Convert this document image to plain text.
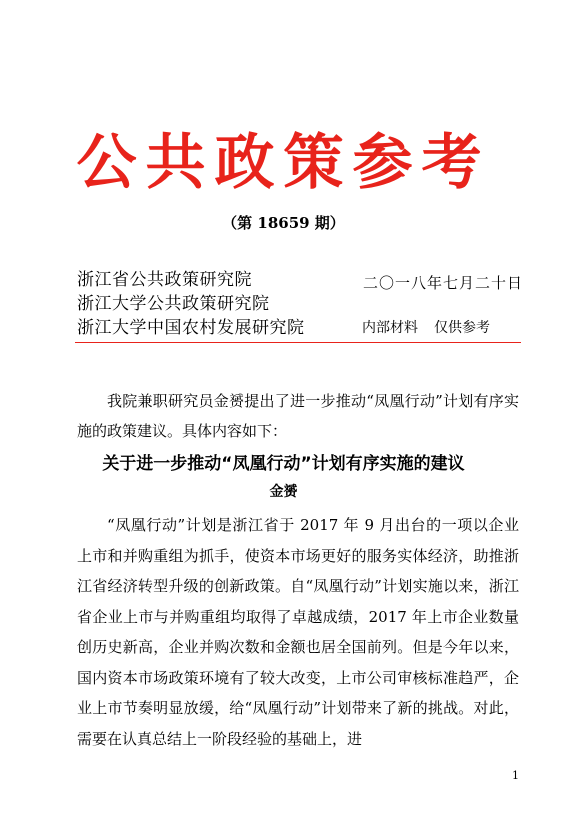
公共政策参考
（第 18659 期）
浙江省公共政策研究院
浙江大学公共政策研究院
浙江大学中国农村发展研究院
二〇一八年七月二十日
内部材料 仅供参考

我院兼职研究员金赟提出了进一步推动“凤凰行动”计划有序实施的政策建议。具体内容如下：

关于进一步推动“凤凰行动”计划有序实施的建议
金赟

“凤凰行动”计划是浙江省于 2017 年 9 月出台的一项以企业上市和并购重组为抓手，使资本市场更好的服务实体经济，助推浙江省经济转型升级的创新政策。自“凤凰行动”计划实施以来，浙江省企业上市与并购重组均取得了卓越成绩，2017 年上市企业数量创历史新高，企业并购次数和金额也居全国前列。但是今年以来，国内资本市场政策环境有了较大改变，上市公司审核标准趋严，企业上市节奏明显放缓，给“凤凰行动”计划带来了新的挑战。对此，需要在认真总结上一阶段经验的基础上，进

1
